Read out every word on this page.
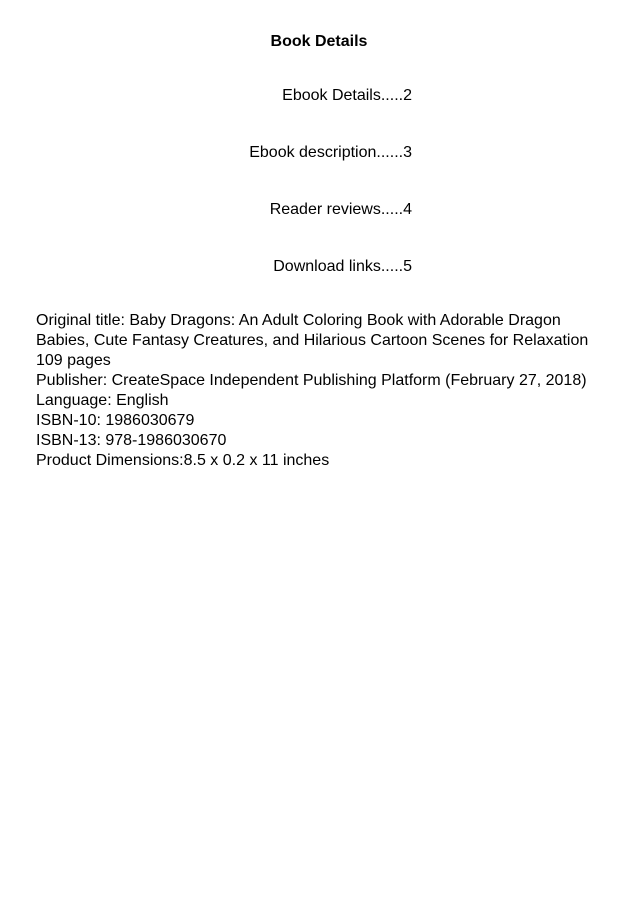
Book Details
Ebook Details.....2
Ebook description......3
Reader reviews.....4
Download links.....5
Original title: Baby Dragons: An Adult Coloring Book with Adorable Dragon Babies, Cute Fantasy Creatures, and Hilarious Cartoon Scenes for Relaxation
109 pages
Publisher: CreateSpace Independent Publishing Platform (February 27, 2018)
Language: English
ISBN-10: 1986030679
ISBN-13: 978-1986030670
Product Dimensions:8.5 x 0.2 x 11 inches
